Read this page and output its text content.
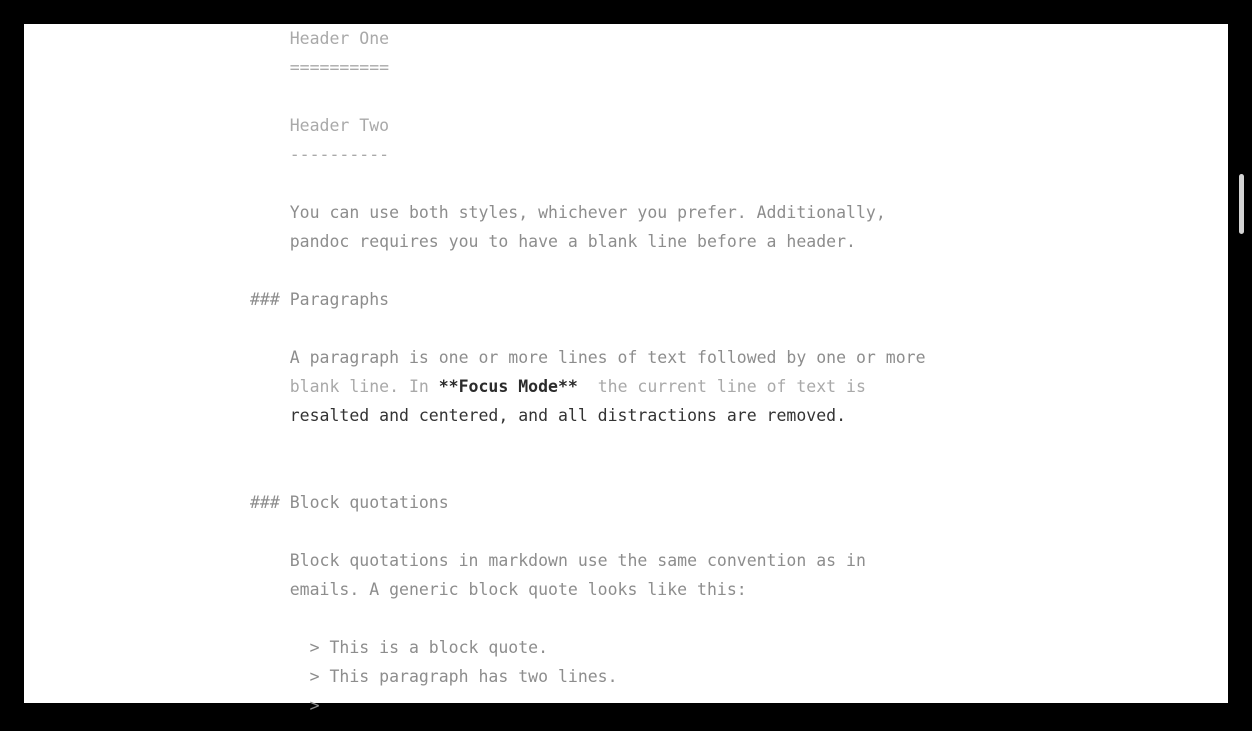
Header One
==========
Header Two
----------
You can use both styles, whichever you prefer. Additionally,
pandoc requires you to have a blank line before a header.
### Paragraphs
A paragraph is one or more lines of text followed by one or more
blank line. In **Focus Mode**  the current line of text is
resalted and centered, and all distractions are removed.
### Block quotations
Block quotations in markdown use the same convention as in
emails. A generic block quote looks like this:
> This is a block quote.
> This paragraph has two lines.
>
